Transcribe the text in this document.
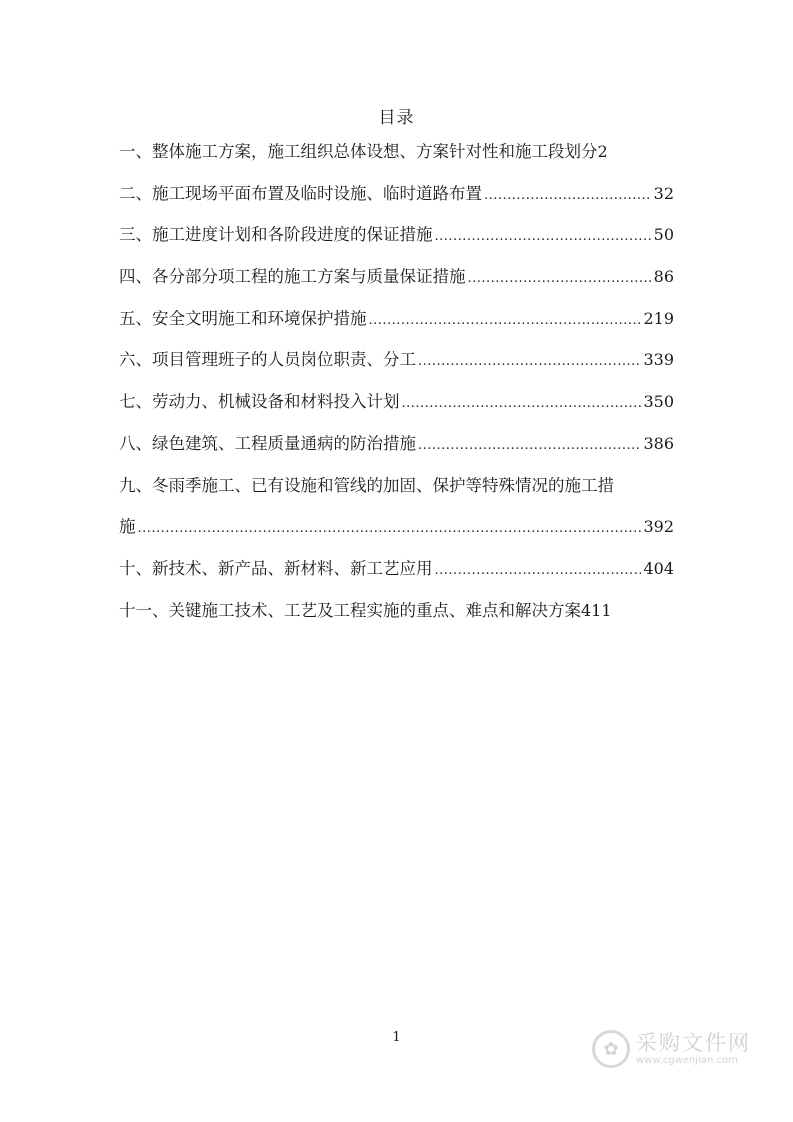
目录
一、整体施工方案，施工组织总体设想、方案针对性和施工段划分 2
二、施工现场平面布置及临时设施、临时道路布置 .....	32
三、施工进度计划和各阶段进度的保证措施 .....	50
四、各分部分项工程的施工方案与质量保证措施 .....	86
五、安全文明施工和环境保护措施 .....	219
六、项目管理班子的人员岗位职责、分工 .....	339
七、劳动力、机械设备和材料投入计划 .....	350
八、绿色建筑、工程质量通病的防治措施 .....	386
九、冬雨季施工、已有设施和管线的加固、保护等特殊情况的施工措
施 .....	392
十、新技术、新产品、新材料、新工艺应用 .....	404
十一、关键施工技术、工艺及工程实施的重点、难点和解决方案 411
1
✿ 采购文件网
www.cgwenjian.com
